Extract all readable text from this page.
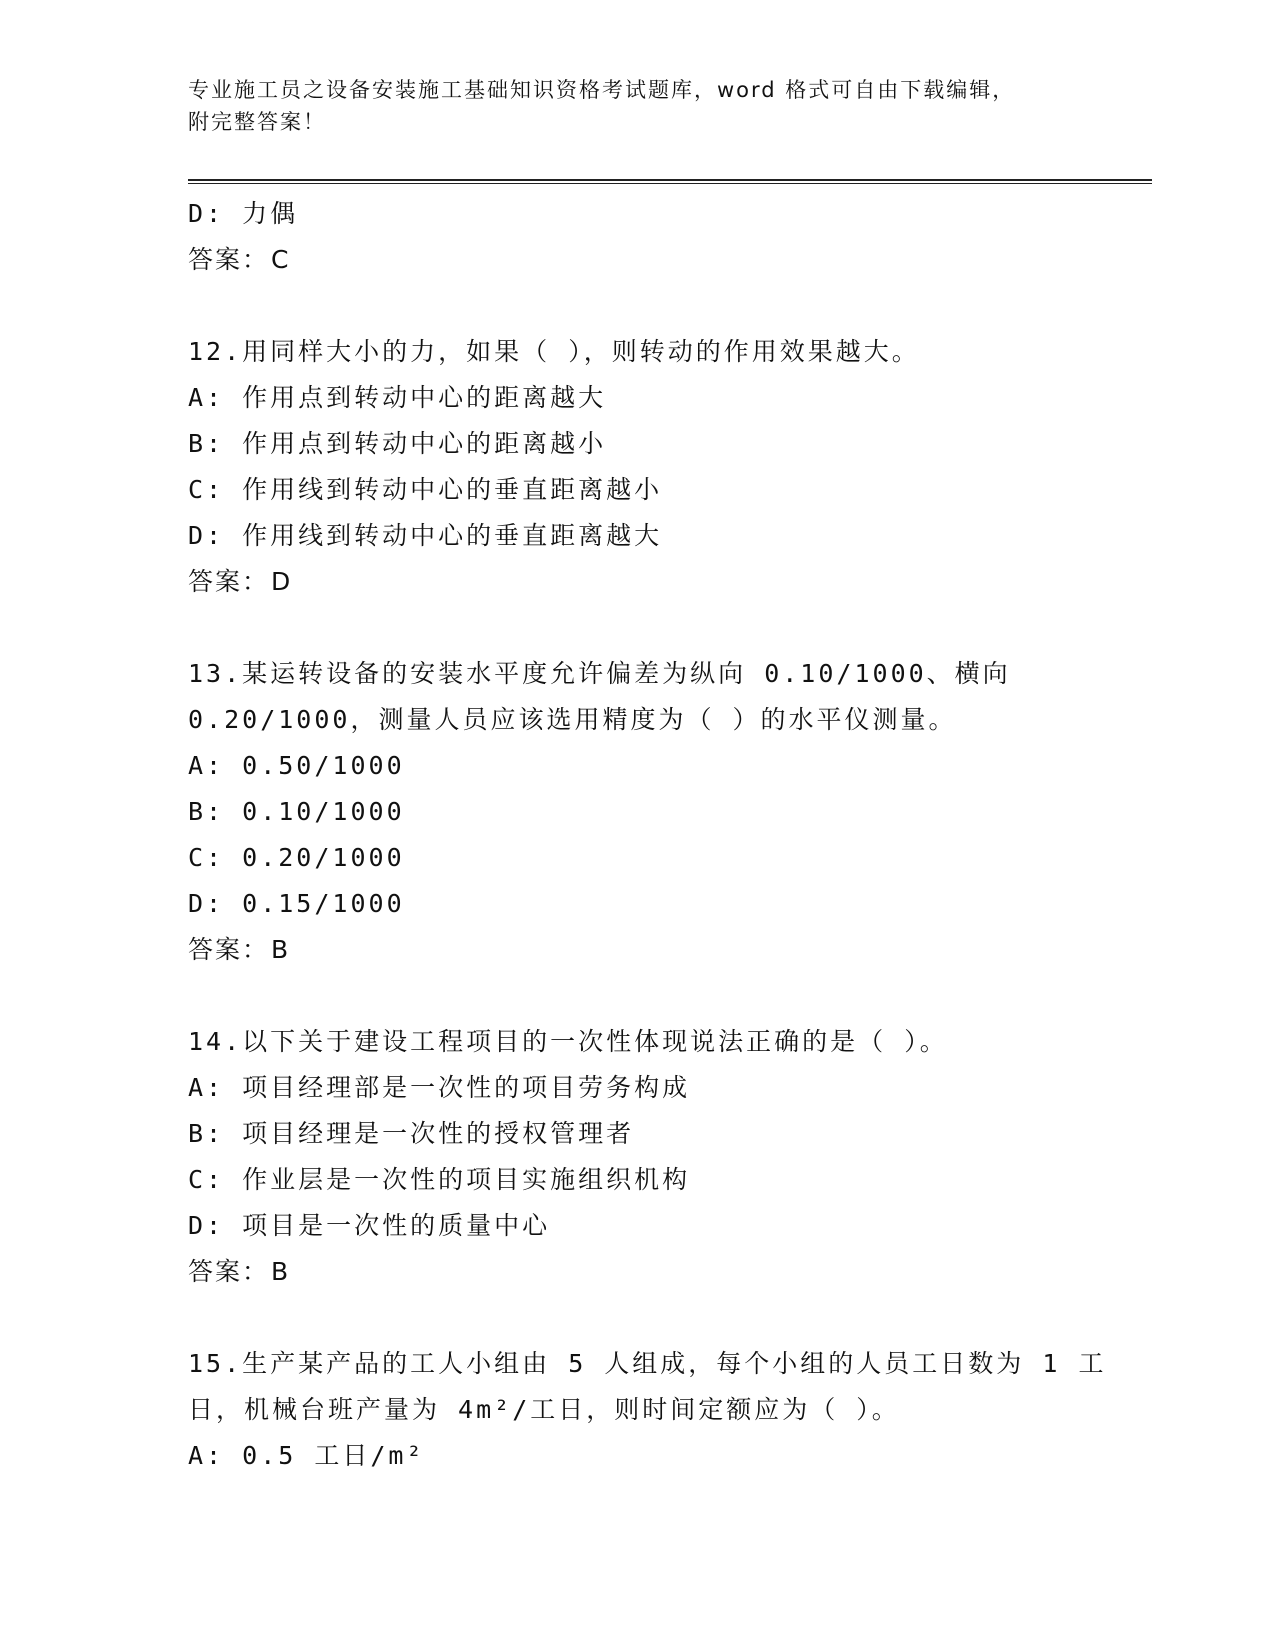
专业施工员之设备安装施工基础知识资格考试题库，word 格式可自由下载编辑，
附完整答案！
D: 力偶
答案：C
12.用同样大小的力，如果（ ），则转动的作用效果越大。
A: 作用点到转动中心的距离越大
B: 作用点到转动中心的距离越小
C: 作用线到转动中心的垂直距离越小
D: 作用线到转动中心的垂直距离越大
答案：D
13.某运转设备的安装水平度允许偏差为纵向 0.10/1000、横向
0.20/1000，测量人员应该选用精度为（ ）的水平仪测量。
A: 0.50/1000
B: 0.10/1000
C: 0.20/1000
D: 0.15/1000
答案：B
14.以下关于建设工程项目的一次性体现说法正确的是（ ）。
A: 项目经理部是一次性的项目劳务构成
B: 项目经理是一次性的授权管理者
C: 作业层是一次性的项目实施组织机构
D: 项目是一次性的质量中心
答案：B
15.生产某产品的工人小组由 5 人组成，每个小组的人员工日数为 1 工
日，机械台班产量为 4m²/工日，则时间定额应为（ ）。
A: 0.5 工日/m²
